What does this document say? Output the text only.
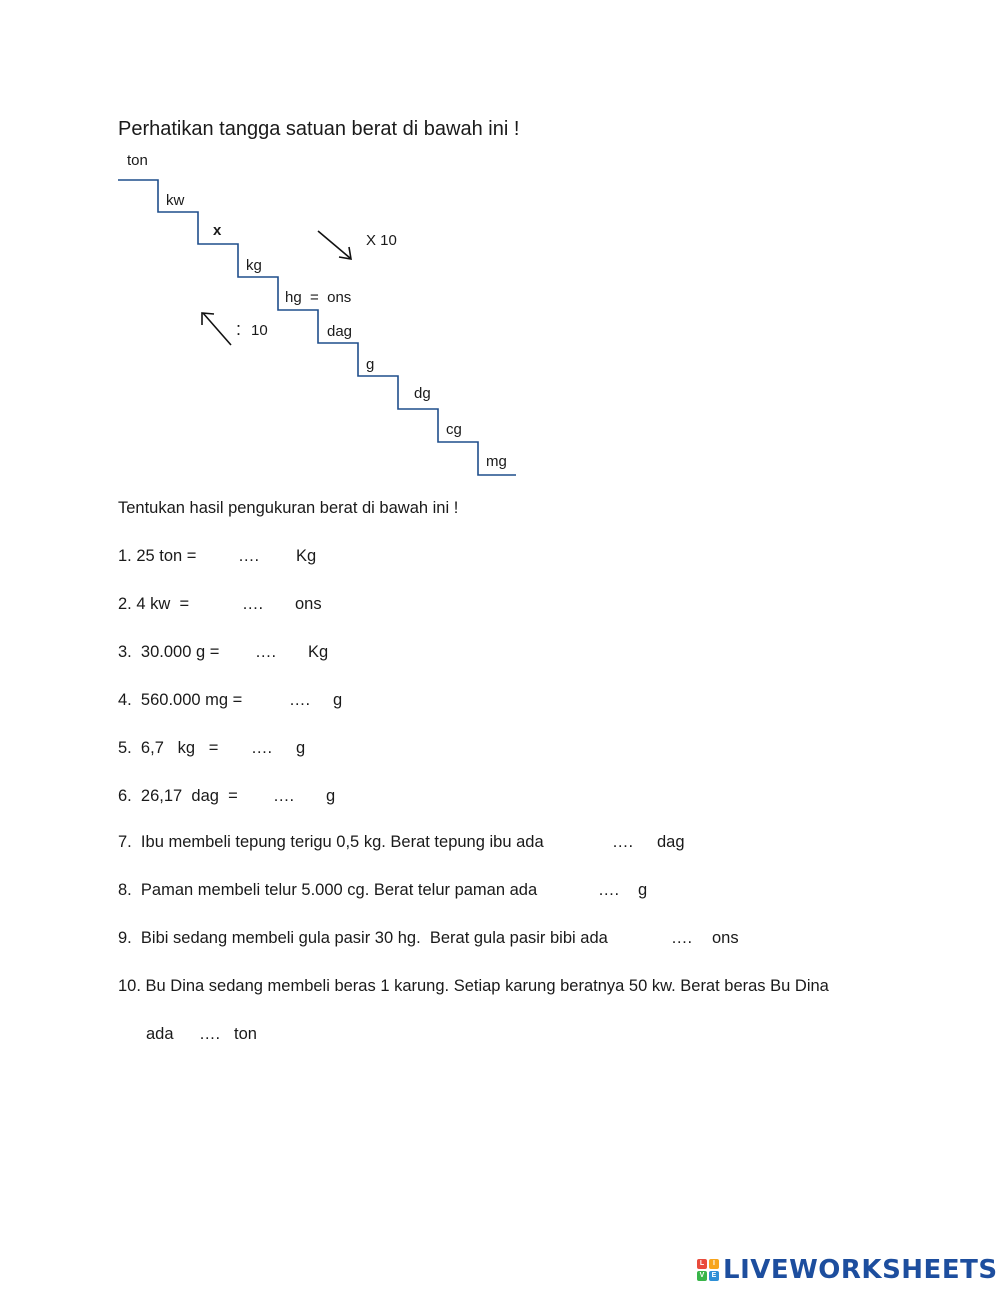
Perhatikan tangga satuan berat di bawah ini !
ton
kw
x
kg
hg  =  ons
dag
g
dg
cg
mg
X 10
: 10
Tentukan hasil pengukuran berat di bawah ini !
1. 25 ton =	…. Kg
2. 4 kw  =	…. ons
3.  30.000 g = …. Kg
4.  560.000 mg =	…. g
5.  6,7   kg   = …. g
6.  26,17  dag  = …. g
7.  Ibu membeli tepung terigu 0,5 kg. Berat tepung ibu ada	…. dag
8.  Paman membeli telur 5.000 cg. Berat telur paman ada	…. g
9.  Bibi sedang membeli gula pasir 30 hg.  Berat gula pasir bibi ada	…. ons
10. Bu Dina sedang membeli beras 1 karung. Setiap karung beratnya 50 kw. Berat beras Bu Dina
ada …. ton
L	I
V	E LIVEWORKSHEETS
